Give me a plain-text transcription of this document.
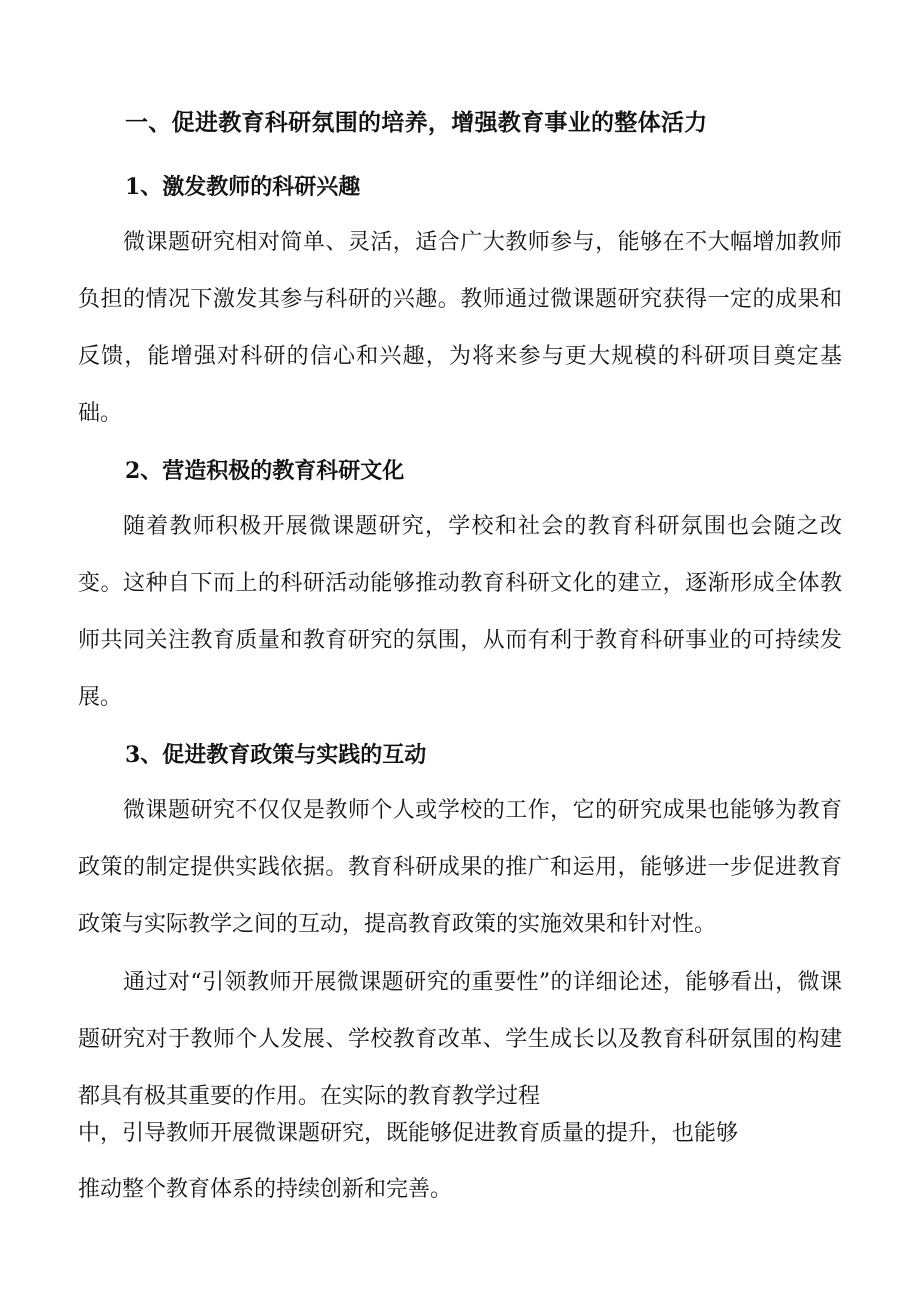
一、促进教育科研氛围的培养，增强教育事业的整体活力
1、激发教师的科研兴趣

微课题研究相对简单、灵活，适合广大教师参与，能够在不大幅增加教师负担的情况下激发其参与科研的兴趣。教师通过微课题研究获得一定的成果和反馈，能增强对科研的信心和兴趣，为将来参与更大规模的科研项目奠定基础。

2、营造积极的教育科研文化

随着教师积极开展微课题研究，学校和社会的教育科研氛围也会随之改变。这种自下而上的科研活动能够推动教育科研文化的建立，逐渐形成全体教师共同关注教育质量和教育研究的氛围，从而有利于教育科研事业的可持续发展。

3、促进教育政策与实践的互动

微课题研究不仅仅是教师个人或学校的工作，它的研究成果也能够为教育政策的制定提供实践依据。教育科研成果的推广和运用，能够进一步促进教育政策与实际教学之间的互动，提高教育政策的实施效果和针对性。

通过对“引领教师开展微课题研究的重要性”的详细论述，能够看出，微课题研究对于教师个人发展、学校教育改革、学生成长以及教育科研氛围的构建都具有极其重要的作用。在实际的教育教学过程

中，引导教师开展微课题研究，既能够促进教育质量的提升，也能够

推动整个教育体系的持续创新和完善。
